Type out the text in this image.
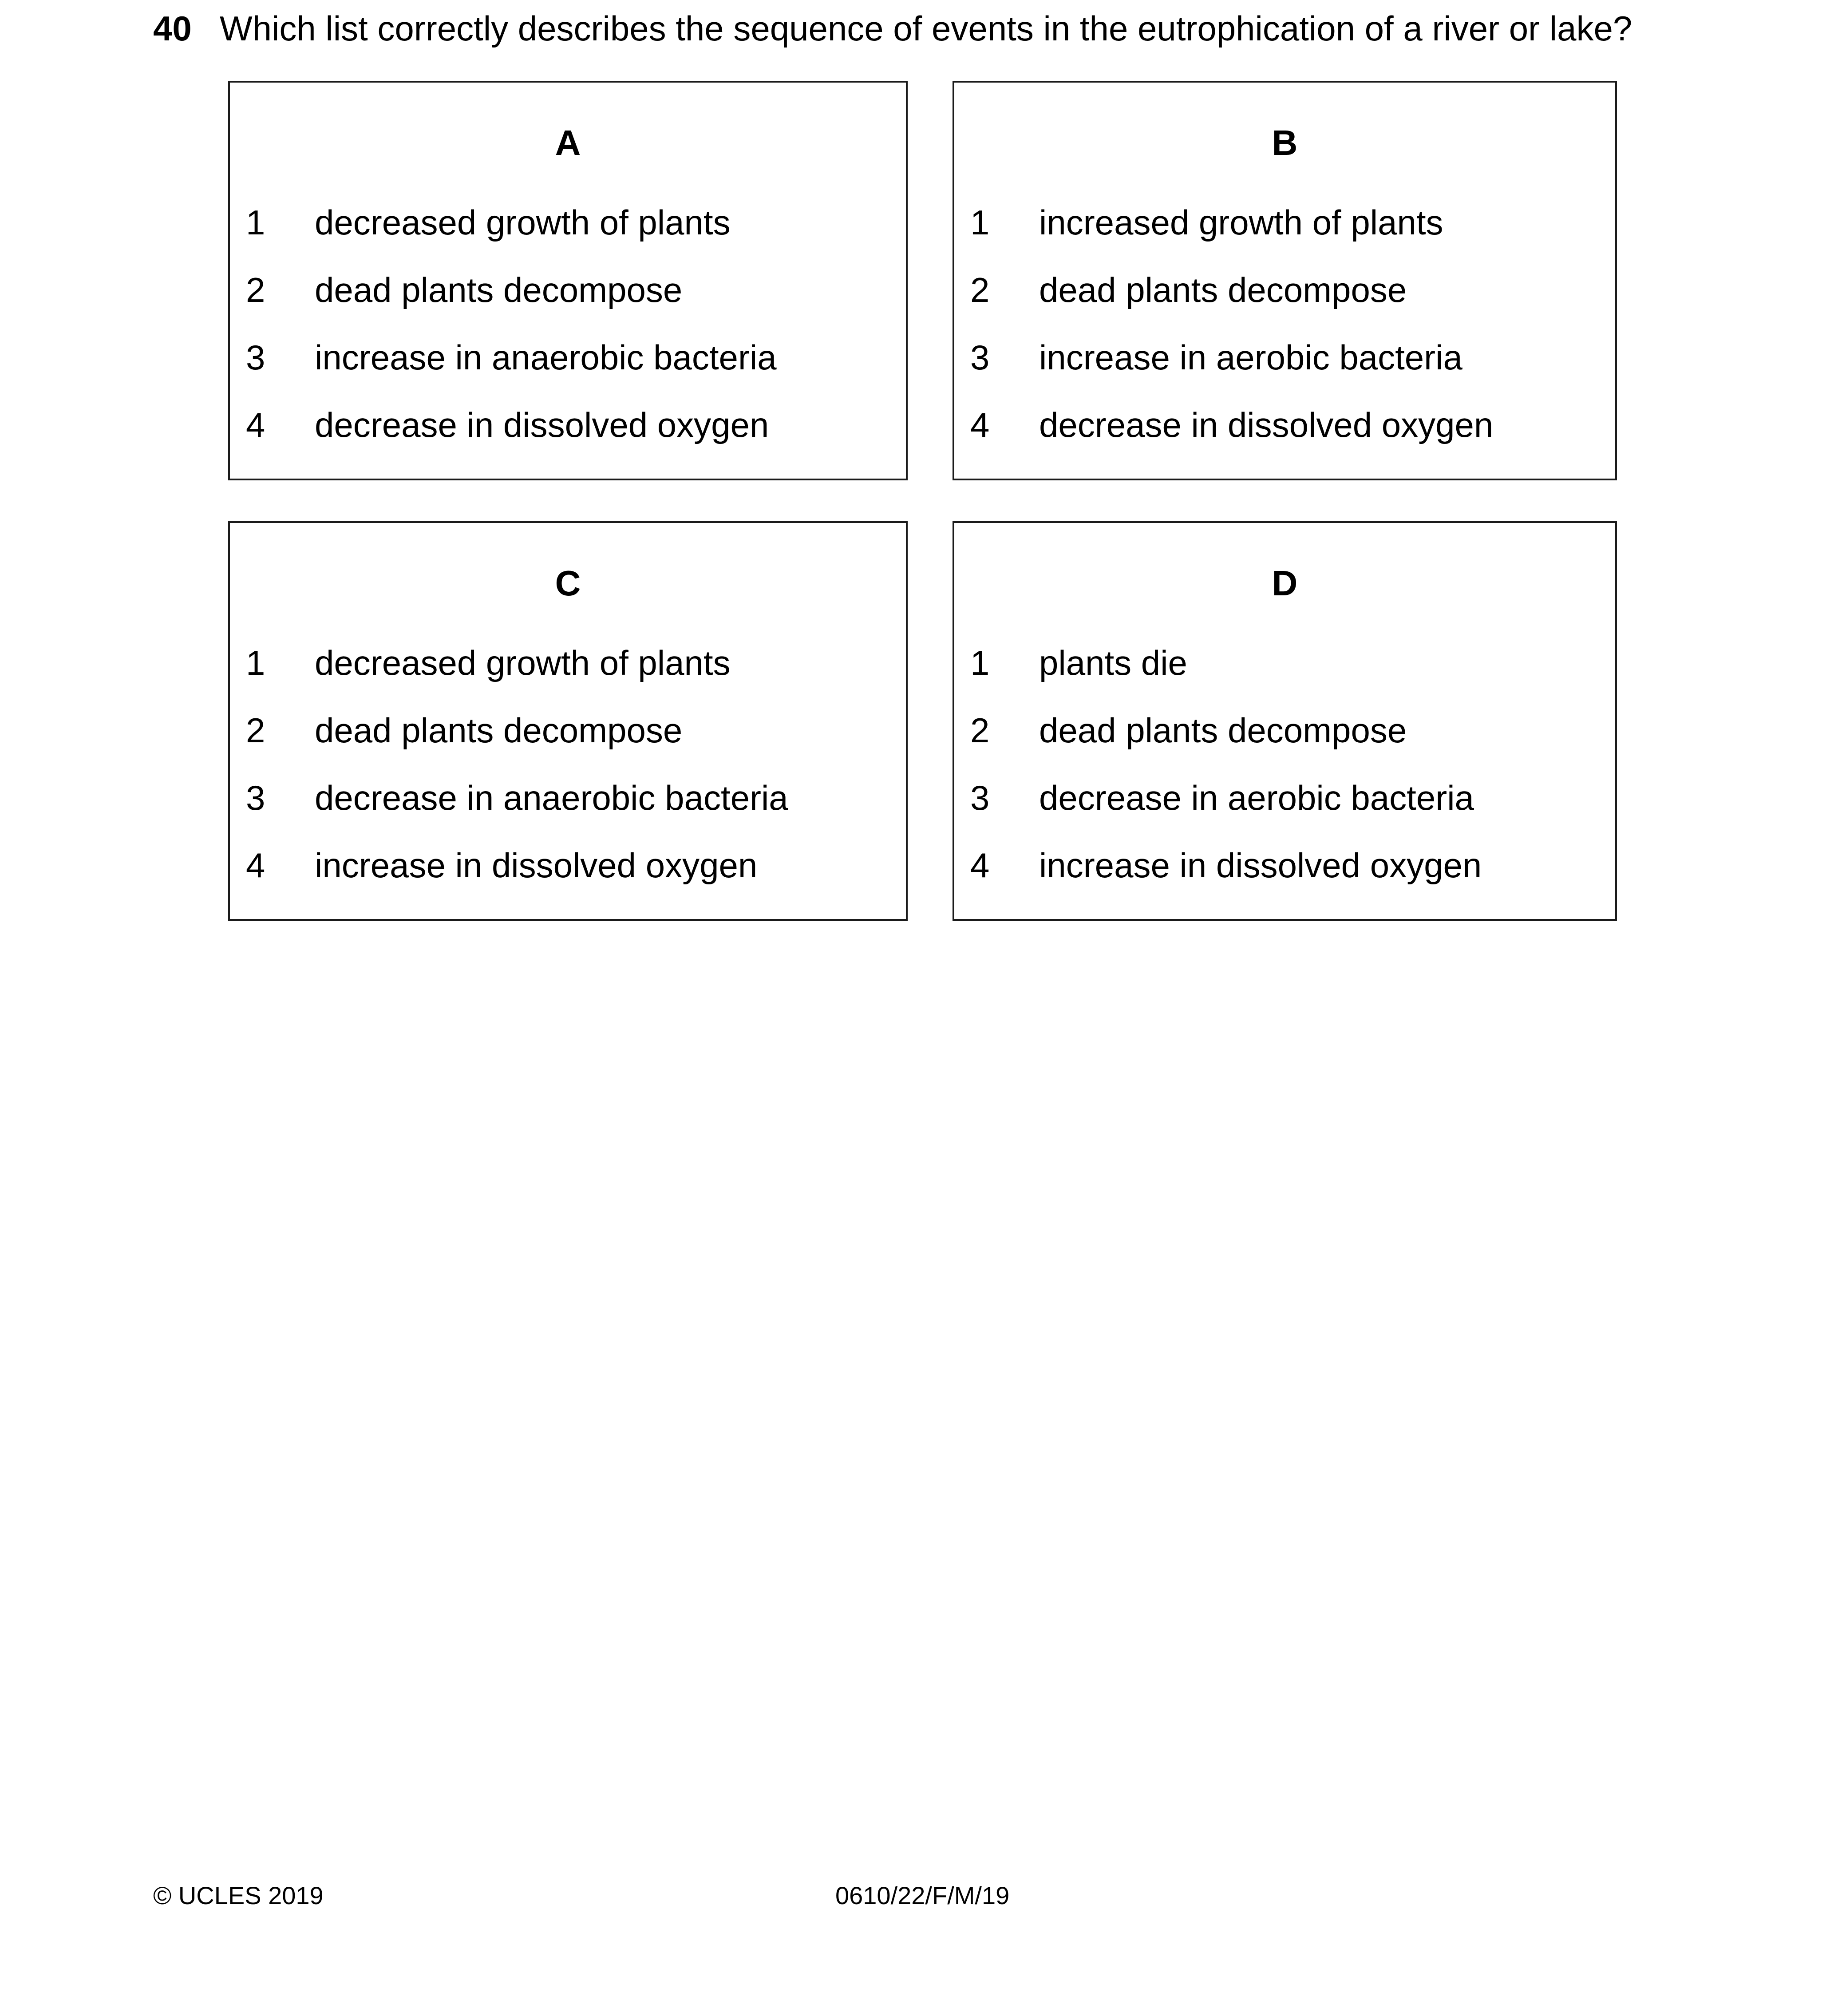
40 Which list correctly describes the sequence of events in the eutrophication of a river or lake?
A
1 decreased growth of plants
2 dead plants decompose
3 increase in anaerobic bacteria
4 decrease in dissolved oxygen
B
1 increased growth of plants
2 dead plants decompose
3 increase in aerobic bacteria
4 decrease in dissolved oxygen
C
1 decreased growth of plants
2 dead plants decompose
3 decrease in anaerobic bacteria
4 increase in dissolved oxygen
D
1 plants die
2 dead plants decompose
3 decrease in aerobic bacteria
4 increase in dissolved oxygen
© UCLES 2019	0610/22/F/M/19
